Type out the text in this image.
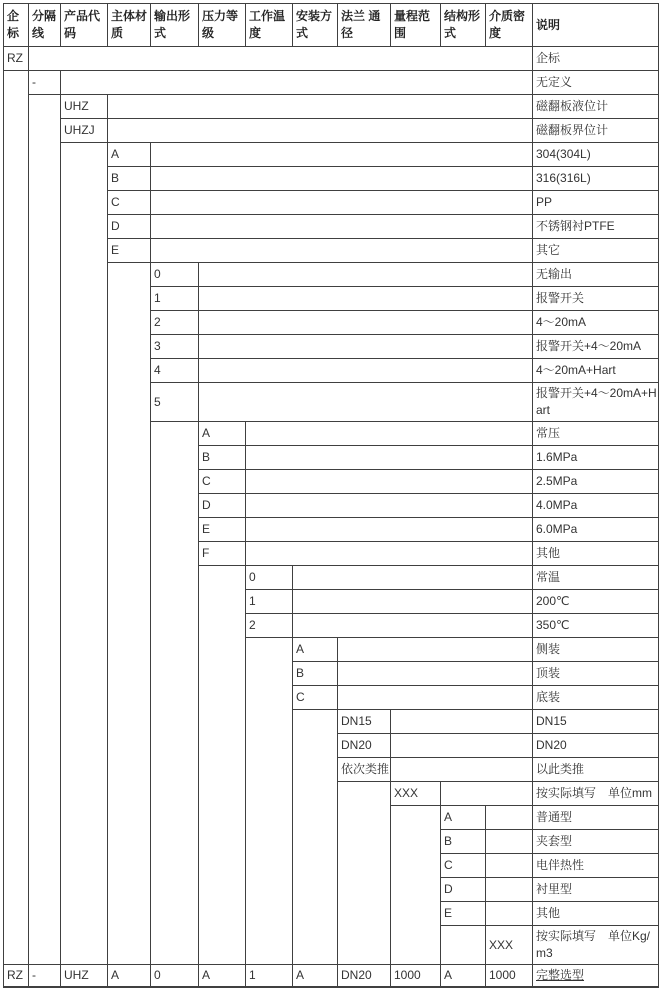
企标	分隔线	产品代码	主体材质	输出形式	压力等级	工作温度	安装方式	法兰 通径	量程范围	结构形式	介质密度	说明
RZ												企标
	-											无定义
		UHZ										磁翻板液位计
		UHZJ										磁翻板界位计
			A									304(304L)
			B									316(316L)
			C									PP
			D									不锈钢衬PTFE
			E									其它
				0								无输出
				1								报警开关
				2								4～20mA
				3								报警开关+4～20mA
				4								4～20mA+Hart
				5								报警开关+4～20mA+Hart
					A							常压
					B							1.6MPa
					C							2.5MPa
					D							4.0MPa
					E							6.0MPa
					F							其他
						0						常温
						1						200℃
						2						350℃
							A					侧装
							B					顶装
							C					底装
								DN15				DN15
								DN20				DN20
								依次类推				以此类推
									XXX			按实际填写　单位mm
										A		普通型
										B		夹套型
										C		电伴热性
										D		衬里型
										E		其他
											XXX	按实际填写　单位Kg/m3
RZ	-	UHZ	A	0	A	1	A	DN20	1000	A	1000	完整选型
